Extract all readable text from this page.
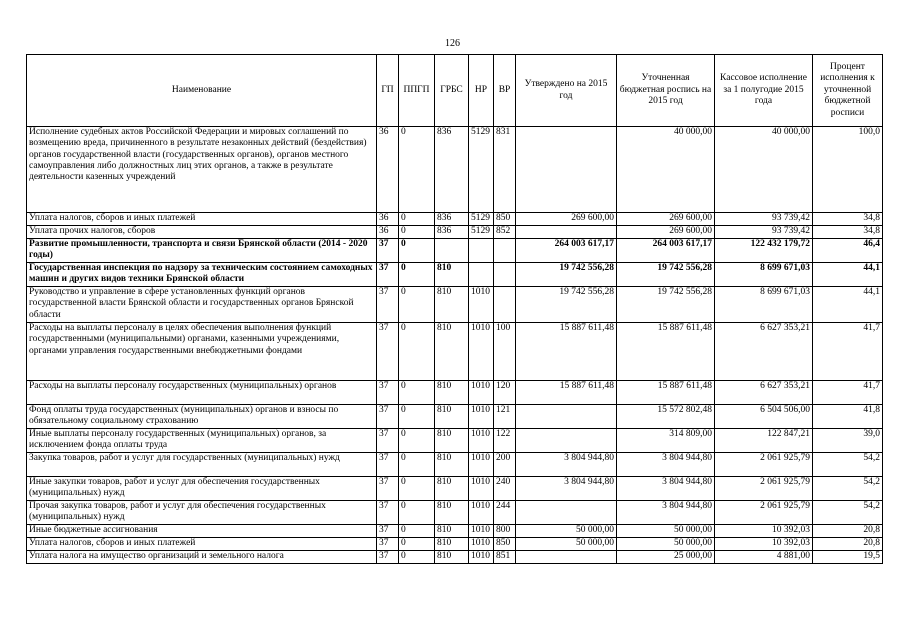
126
Наименование	ГП	ППГП	ГРБС	НР	ВР	Утверждено на 2015 год	Уточненная бюджетная роспись на 2015 год	Кассовое исполнение за 1 полугодие 2015 года	Процент исполнения к уточненной бюджетной росписи
Исполнение судебных актов Российской Федерации и мировых соглашений по возмещению вреда, причиненного в результате незаконных действий (бездействия) органов государственной власти (государственных органов), органов местного самоуправления либо должностных лиц этих органов, а также в результате деятельности казенных учреждений	36	0	836	5129	831		40 000,00	40 000,00	100,0
Уплата налогов, сборов и иных платежей	36	0	836	5129	850	269 600,00	269 600,00	93 739,42	34,8
Уплата прочих налогов, сборов	36	0	836	5129	852		269 600,00	93 739,42	34,8
Развитие промышленности, транспорта и связи Брянской области (2014 - 2020 годы)	37	0				264 003 617,17	264 003 617,17	122 432 179,72	46,4
Государственная инспекция по надзору за техническим состоянием самоходных машин и других видов техники Брянской области	37	0	810			19 742 556,28	19 742 556,28	8 699 671,03	44,1
Руководство и управление в сфере установленных функций органов государственной власти Брянской области и государственных органов Брянской области	37	0	810	1010		19 742 556,28	19 742 556,28	8 699 671,03	44,1
Расходы на выплаты персоналу в целях обеспечения выполнения функций государственными (муниципальными) органами, казенными учреждениями, органами управления государственными внебюджетными фондами	37	0	810	1010	100	15 887 611,48	15 887 611,48	6 627 353,21	41,7
Расходы на выплаты персоналу государственных (муниципальных) органов	37	0	810	1010	120	15 887 611,48	15 887 611,48	6 627 353,21	41,7
Фонд оплаты труда государственных (муниципальных) органов и взносы по обязательному социальному страхованию	37	0	810	1010	121		15 572 802,48	6 504 506,00	41,8
Иные выплаты персоналу государственных (муниципальных) органов, за исключением фонда оплаты труда	37	0	810	1010	122		314 809,00	122 847,21	39,0
Закупка товаров, работ и услуг для государственных (муниципальных) нужд	37	0	810	1010	200	3 804 944,80	3 804 944,80	2 061 925,79	54,2
Иные закупки товаров, работ и услуг для обеспечения государственных (муниципальных) нужд	37	0	810	1010	240	3 804 944,80	3 804 944,80	2 061 925,79	54,2
Прочая закупка товаров, работ и услуг для обеспечения государственных (муниципальных) нужд	37	0	810	1010	244		3 804 944,80	2 061 925,79	54,2
Иные бюджетные ассигнования	37	0	810	1010	800	50 000,00	50 000,00	10 392,03	20,8
Уплата налогов, сборов и иных платежей	37	0	810	1010	850	50 000,00	50 000,00	10 392,03	20,8
Уплата налога на имущество организаций и земельного налога	37	0	810	1010	851		25 000,00	4 881,00	19,5
